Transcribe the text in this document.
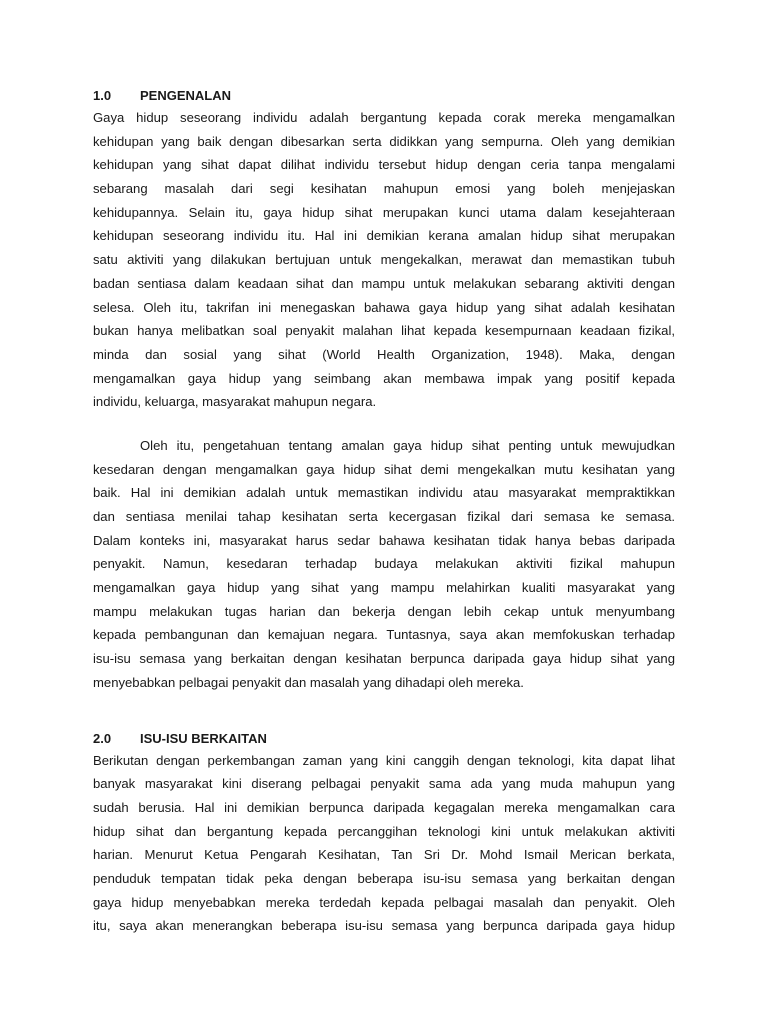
1.0	PENGENALAN
Gaya hidup seseorang individu adalah bergantung kepada corak mereka mengamalkan
kehidupan yang baik dengan dibesarkan serta didikkan yang sempurna. Oleh yang demikian
kehidupan yang sihat dapat dilihat individu tersebut hidup dengan ceria tanpa mengalami
sebarang masalah dari segi kesihatan mahupun emosi yang boleh menjejaskan
kehidupannya. Selain itu, gaya hidup sihat merupakan kunci utama dalam kesejahteraan
kehidupan seseorang individu itu. Hal ini demikian kerana amalan hidup sihat merupakan
satu aktiviti yang dilakukan bertujuan untuk mengekalkan, merawat dan memastikan tubuh
badan sentiasa dalam keadaan sihat dan mampu untuk melakukan sebarang aktiviti dengan
selesa. Oleh itu, takrifan ini menegaskan bahawa gaya hidup yang sihat adalah kesihatan
bukan hanya melibatkan soal penyakit malahan lihat kepada kesempurnaan keadaan fizikal,
minda dan sosial yang sihat (World Health Organization, 1948). Maka, dengan
mengamalkan gaya hidup yang seimbang akan membawa impak yang positif kepada
individu, keluarga, masyarakat mahupun negara.
Oleh itu, pengetahuan tentang amalan gaya hidup sihat penting untuk mewujudkan
kesedaran dengan mengamalkan gaya hidup sihat demi mengekalkan mutu kesihatan yang
baik. Hal ini demikian adalah untuk memastikan individu atau masyarakat mempraktikkan
dan sentiasa menilai tahap kesihatan serta kecergasan fizikal dari semasa ke semasa.
Dalam konteks ini, masyarakat harus sedar bahawa kesihatan tidak hanya bebas daripada
penyakit. Namun, kesedaran terhadap budaya melakukan aktiviti fizikal mahupun
mengamalkan gaya hidup yang sihat yang mampu melahirkan kualiti masyarakat yang
mampu melakukan tugas harian dan bekerja dengan lebih cekap untuk menyumbang
kepada pembangunan dan kemajuan negara. Tuntasnya, saya akan memfokuskan terhadap
isu-isu semasa yang berkaitan dengan kesihatan berpunca daripada gaya hidup sihat yang
menyebabkan pelbagai penyakit dan masalah yang dihadapi oleh mereka.
2.0	ISU-ISU BERKAITAN
Berikutan dengan perkembangan zaman yang kini canggih dengan teknologi, kita dapat lihat
banyak masyarakat kini diserang pelbagai penyakit sama ada yang muda mahupun yang
sudah berusia. Hal ini demikian berpunca daripada kegagalan mereka mengamalkan cara
hidup sihat dan bergantung kepada percanggihan teknologi kini untuk melakukan aktiviti
harian. Menurut Ketua Pengarah Kesihatan, Tan Sri Dr. Mohd Ismail Merican berkata,
penduduk tempatan tidak peka dengan beberapa isu-isu semasa yang berkaitan dengan
gaya hidup menyebabkan mereka terdedah kepada pelbagai masalah dan penyakit. Oleh
itu, saya akan menerangkan beberapa isu-isu semasa yang berpunca daripada gaya hidup
